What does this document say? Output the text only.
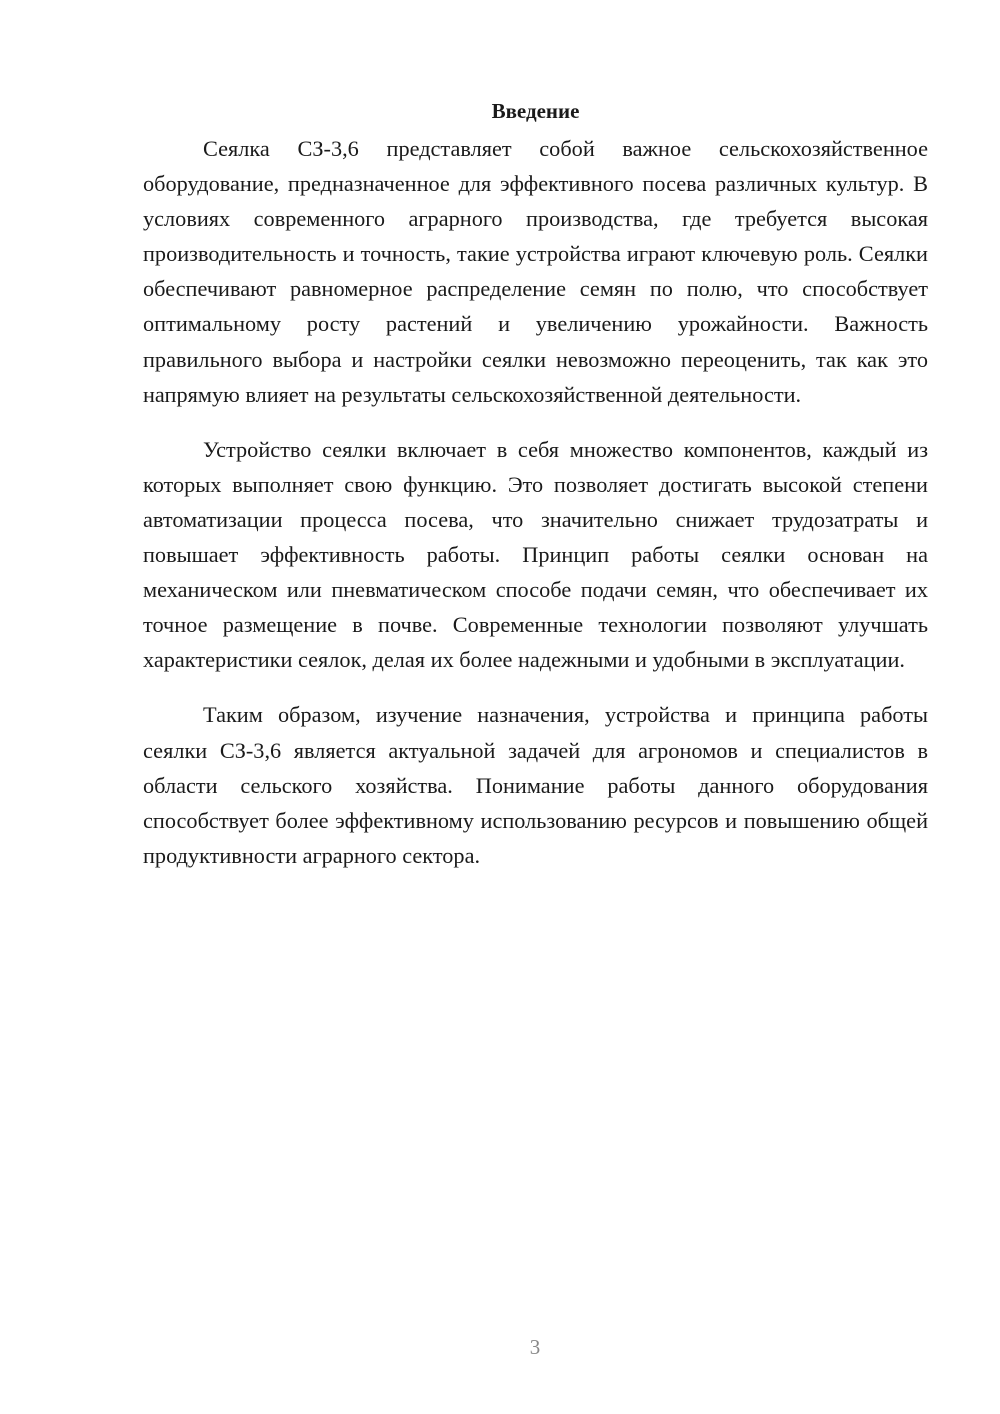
Введение

Сеялка СЗ-3,6 представляет собой важное сельскохозяйственное оборудование, предназначенное для эффективного посева различных культур. В условиях современного аграрного производства, где требуется высокая производительность и точность, такие устройства играют ключевую роль. Сеялки обеспечивают равномерное распределение семян по полю, что способствует оптимальному росту растений и увеличению урожайности. Важность правильного выбора и настройки сеялки невозможно переоценить, так как это напрямую влияет на результаты сельскохозяйственной деятельности.

Устройство сеялки включает в себя множество компонентов, каждый из которых выполняет свою функцию. Это позволяет достигать высокой степени автоматизации процесса посева, что значительно снижает трудозатраты и повышает эффективность работы. Принцип работы сеялки основан на механическом или пневматическом способе подачи семян, что обеспечивает их точное размещение в почве. Современные технологии позволяют улучшать характеристики сеялок, делая их более надежными и удобными в эксплуатации.

Таким образом, изучение назначения, устройства и принципа работы сеялки СЗ-3,6 является актуальной задачей для агрономов и специалистов в области сельского хозяйства. Понимание работы данного оборудования способствует более эффективному использованию ресурсов и повышению общей продуктивности аграрного сектора.

3
